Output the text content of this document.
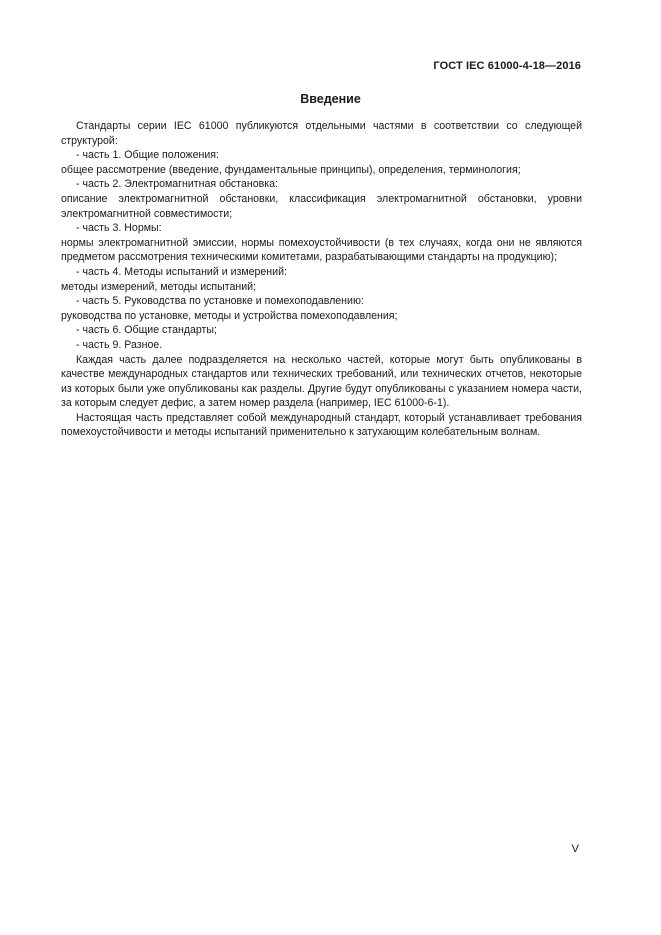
ГОСТ IEC 61000-4-18—2016
Введение

Стандарты серии IEC 61000 публикуются отдельными частями в соответствии со следующей структурой:

- часть 1. Общие положения:

общее рассмотрение (введение, фундаментальные принципы), определения, терминология;

- часть 2. Электромагнитная обстановка:

описание электромагнитной обстановки, классификация электромагнитной обстановки, уровни электромагнитной совместимости;

- часть 3. Нормы:

нормы электромагнитной эмиссии, нормы помехоустойчивости (в тех случаях, когда они не являются предметом рассмотрения техническими комитетами, разрабатывающими стандарты на продукцию);

- часть 4. Методы испытаний и измерений:

методы измерений, методы испытаний;

- часть 5. Руководства по установке и помехоподавлению:

руководства по установке, методы и устройства помехоподавления;

- часть 6. Общие стандарты;

- часть 9. Разное.

Каждая часть далее подразделяется на несколько частей, которые могут быть опубликованы в качестве международных стандартов или технических требований, или технических отчетов, некоторые из которых были уже опубликованы как разделы. Другие будут опубликованы с указанием номера части, за которым следует дефис, а затем номер раздела (например, IEC 61000-6-1).

Настоящая часть представляет собой международный стандарт, который устанавливает требования помехоустойчивости и методы испытаний применительно к затухающим колебательным волнам.

V
